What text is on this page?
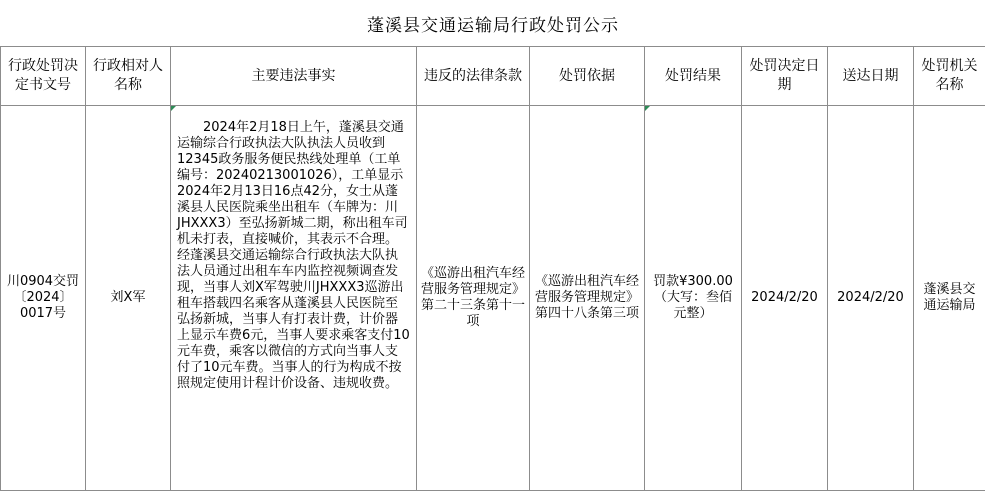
蓬溪县交通运输局行政处罚公示								
行政处罚决定书文号	行政相对人名称	主要违法事实	违反的法律条款	处罚依据	处罚结果	处罚决定日期	送达日期	处罚机关名称
川0904交罚〔2024〕0017号	刘X军	2024年2月18日上午，蓬溪县交通运输综合行政执法大队执法人员收到12345政务服务便民热线处理单（工单编号：20240213001026），工单显示2024年2月13日16点42分，女士从蓬溪县人民医院乘坐出租车（车牌为：川JHXXX3）至弘扬新城二期，称出租车司机未打表，直接喊价，其表示不合理。经蓬溪县交通运输综合行政执法大队执法人员通过出租车车内监控视频调查发现，当事人刘X军驾驶川JHXXX3巡游出租车搭载四名乘客从蓬溪县人民医院至弘扬新城，当事人有打表计费，计价器上显示车费6元，当事人要求乘客支付10元车费，乘客以微信的方式向当事人支付了10元车费。当事人的行为构成不按照规定使用计程计价设备、违规收费。	《巡游出租汽车经营服务管理规定》第二十三条第十一项	《巡游出租汽车经营服务管理规定》第四十八条第三项	罚款¥300.00（大写：叁佰元整）	2024/2/20	2024/2/20	蓬溪县交通运输局
